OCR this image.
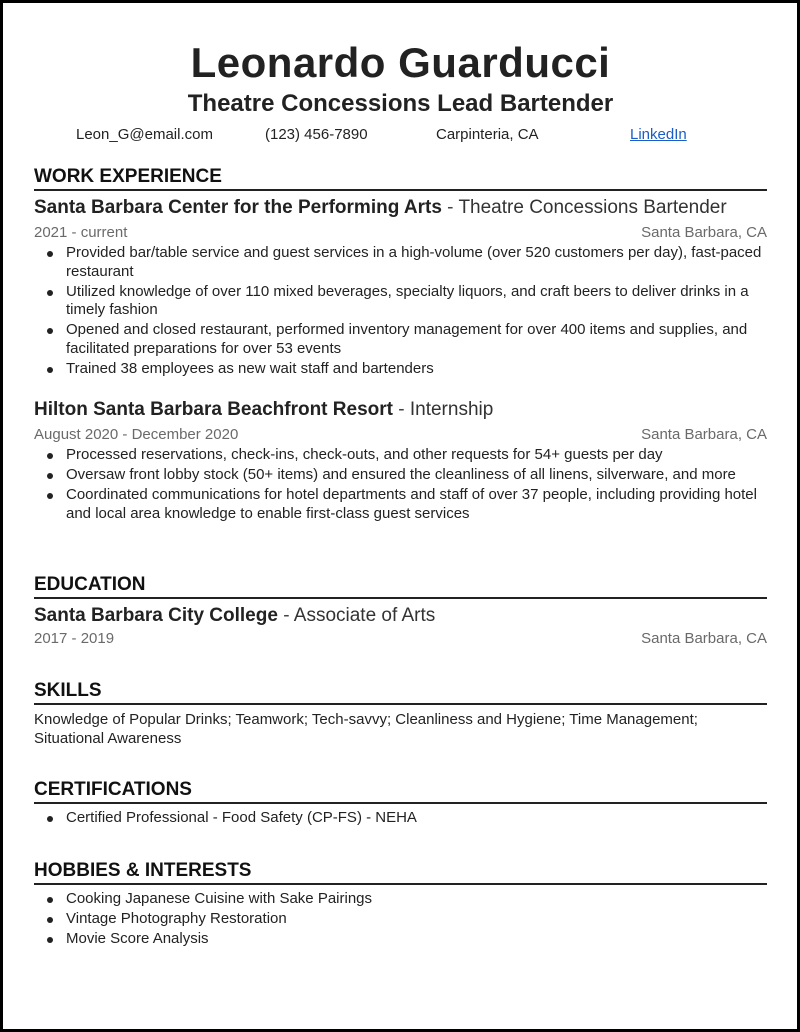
Leonardo Guarducci
Theatre Concessions Lead Bartender
Leon_G@email.com	(123) 456-7890	Carpinteria, CA	LinkedIn
WORK EXPERIENCE
Santa Barbara Center for the Performing Arts - Theatre Concessions Bartender
2021 - current	Santa Barbara, CA
Provided bar/table service and guest services in a high-volume (over 520 customers per day), fast-paced restaurant
Utilized knowledge of over 110 mixed beverages, specialty liquors, and craft beers to deliver drinks in a timely fashion
Opened and closed restaurant, performed inventory management for over 400 items and supplies, and facilitated preparations for over 53 events
Trained 38 employees as new wait staff and bartenders
Hilton Santa Barbara Beachfront Resort - Internship
August 2020 - December 2020	Santa Barbara, CA
Processed reservations, check-ins, check-outs, and other requests for 54+ guests per day
Oversaw front lobby stock (50+ items) and ensured the cleanliness of all linens, silverware, and more
Coordinated communications for hotel departments and staff of over 37 people, including providing hotel and local area knowledge to enable first-class guest services
EDUCATION
Santa Barbara City College - Associate of Arts
2017 - 2019	Santa Barbara, CA
SKILLS
Knowledge of Popular Drinks; Teamwork; Tech-savvy; Cleanliness and Hygiene; Time Management; Situational Awareness
CERTIFICATIONS
Certified Professional - Food Safety (CP-FS) - NEHA
HOBBIES & INTERESTS
Cooking Japanese Cuisine with Sake Pairings
Vintage Photography Restoration
Movie Score Analysis
